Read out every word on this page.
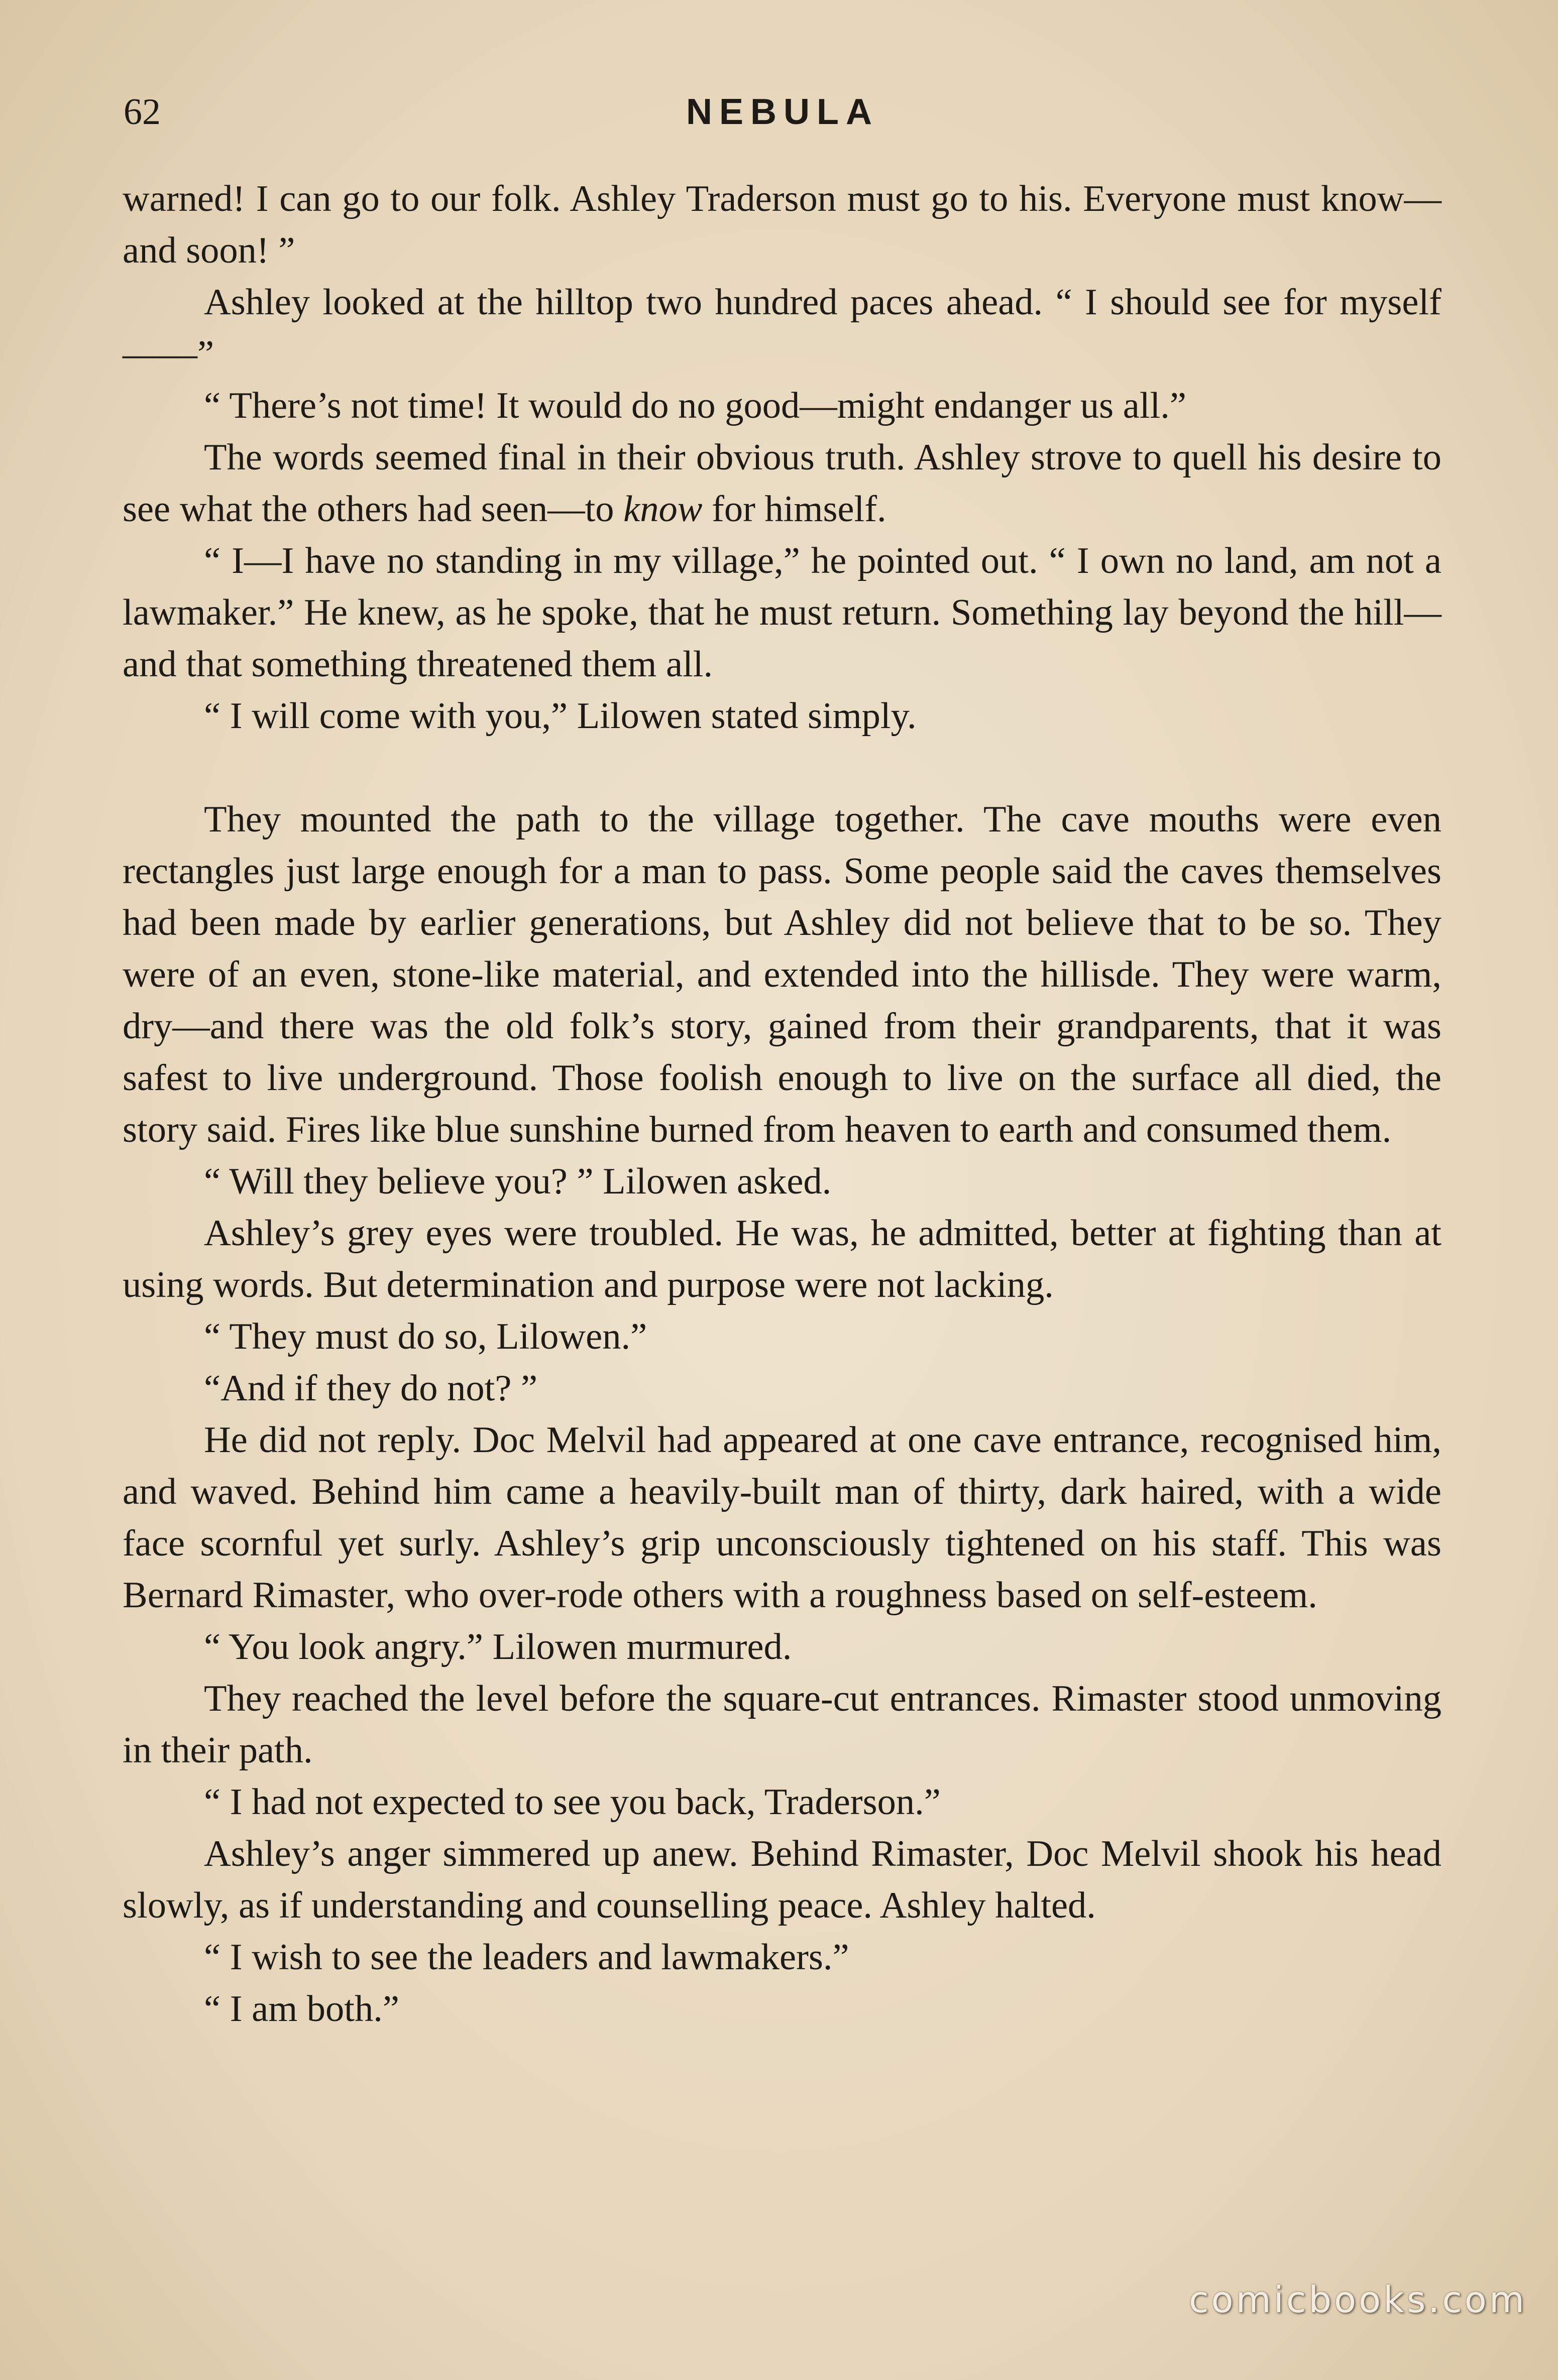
62	NEBULA

warned! I can go to our folk. Ashley Traderson must go to his. Everyone must know—and soon! ”

Ashley looked at the hilltop two hundred paces ahead. “ I should see for myself——”

“ There’s not time! It would do no good—might endanger us all.”

The words seemed final in their obvious truth. Ashley strove to quell his desire to see what the others had seen—to know for himself.

“ I—I have no standing in my village,” he pointed out. “ I own no land, am not a lawmaker.” He knew, as he spoke, that he must return. Something lay beyond the hill—and that something threatened them all.

“ I will come with you,” Lilowen stated simply.

They mounted the path to the village together. The cave mouths were even rectangles just large enough for a man to pass. Some people said the caves themselves had been made by earlier generations, but Ashley did not believe that to be so. They were of an even, stone-like material, and extended into the hillisde. They were warm, dry—and there was the old folk’s story, gained from their grandparents, that it was safest to live underground. Those foolish enough to live on the surface all died, the story said. Fires like blue sunshine burned from heaven to earth and consumed them.

“ Will they believe you? ” Lilowen asked.

Ashley’s grey eyes were troubled. He was, he admitted, better at fighting than at using words. But determination and purpose were not lacking.

“ They must do so, Lilowen.”

“And if they do not? ”

He did not reply. Doc Melvil had appeared at one cave entrance, recognised him, and waved. Behind him came a heavily-built man of thirty, dark haired, with a wide face scornful yet surly. Ashley’s grip unconsciously tightened on his staff. This was Bernard Rimaster, who over-rode others with a roughness based on self-esteem.

“ You look angry.” Lilowen murmured.

They reached the level before the square-cut entrances. Rimaster stood unmoving in their path.

“ I had not expected to see you back, Traderson.”

Ashley’s anger simmered up anew. Behind Rimaster, Doc Melvil shook his head slowly, as if understanding and counselling peace. Ashley halted.

“ I wish to see the leaders and lawmakers.”

“ I am both.”

comicbooks.com
